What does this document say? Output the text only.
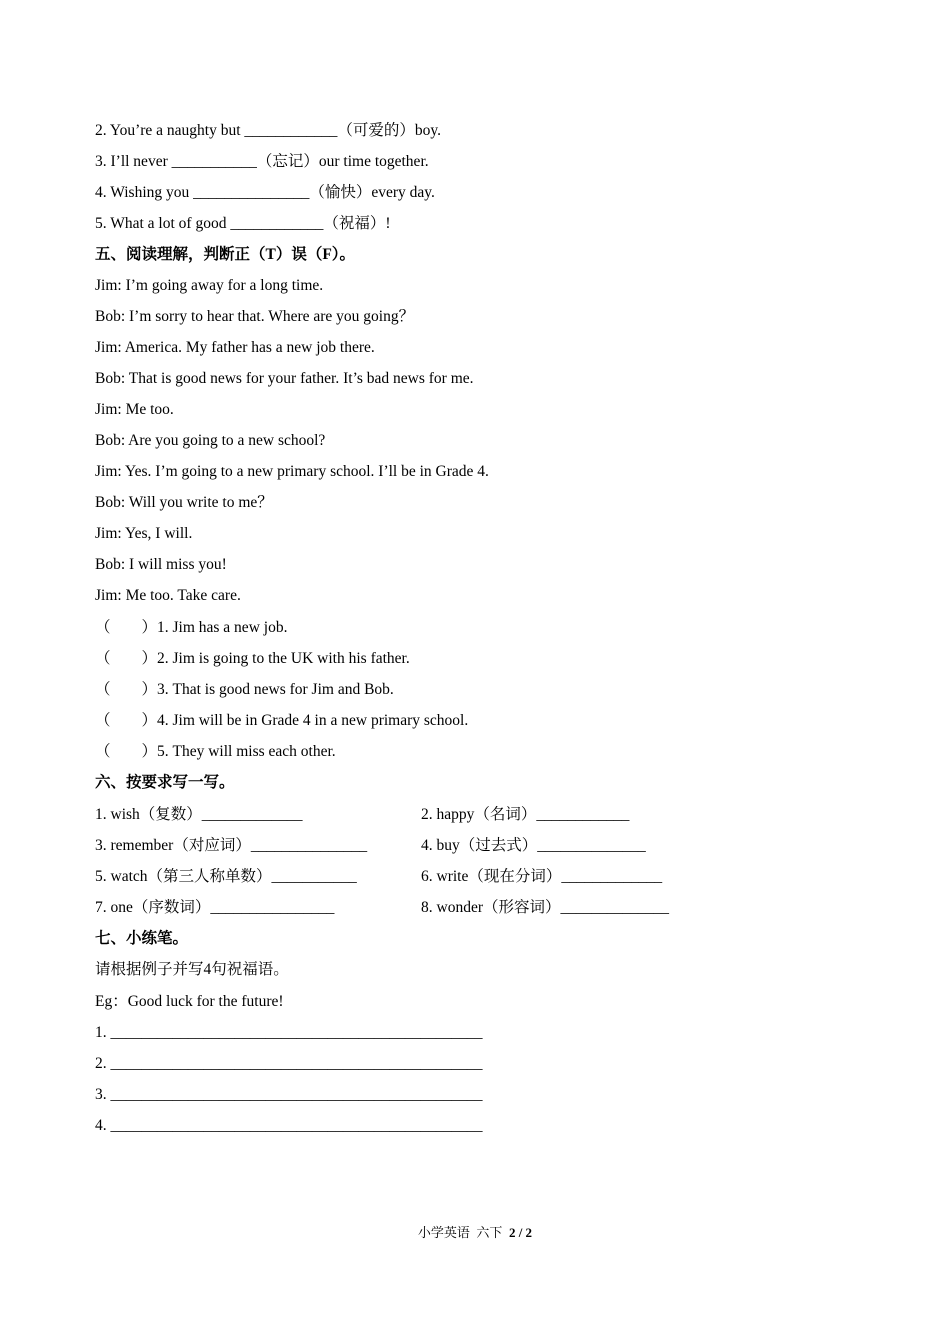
2. You’re a naughty but ____________（可爱的）boy.
3. I’ll never ___________（忘记）our time together.
4. Wishing you _______________（愉快）every day.
5. What a lot of good ____________（祝福）!
五、阅读理解，判断正（T）误（F）。
Jim: I’m going away for a long time.
Bob: I’m sorry to hear that. Where are you going？
Jim: America. My father has a new job there.
Bob: That is good news for your father. It’s bad news for me.
Jim: Me too.
Bob: Are you going to a new school?
Jim: Yes. I’m going to a new primary school. I’ll be in Grade 4.
Bob: Will you write to me？
Jim: Yes, I will.
Bob: I will miss you!
Jim: Me too. Take care.
（　　）1. Jim has a new job.
（　　）2. Jim is going to the UK with his father.
（　　）3. That is good news for Jim and Bob.
（　　）4. Jim will be in Grade 4 in a new primary school.
（　　）5. They will miss each other.
六、按要求写一写。
1. wish（复数）_____________	2. happy（名词）____________
3. remember（对应词）_______________	4. buy（过去式）______________
5. watch（第三人称单数）___________	6. write（现在分词）_____________
7. one（序数词）________________	8. wonder（形容词）______________
七、小练笔。
请根据例子并写4句祝福语。
Eg：Good luck for the future!
1. ________________________________________________
2. ________________________________________________
3. ________________________________________________
4. ________________________________________________
小学英语  六下  2 / 2
